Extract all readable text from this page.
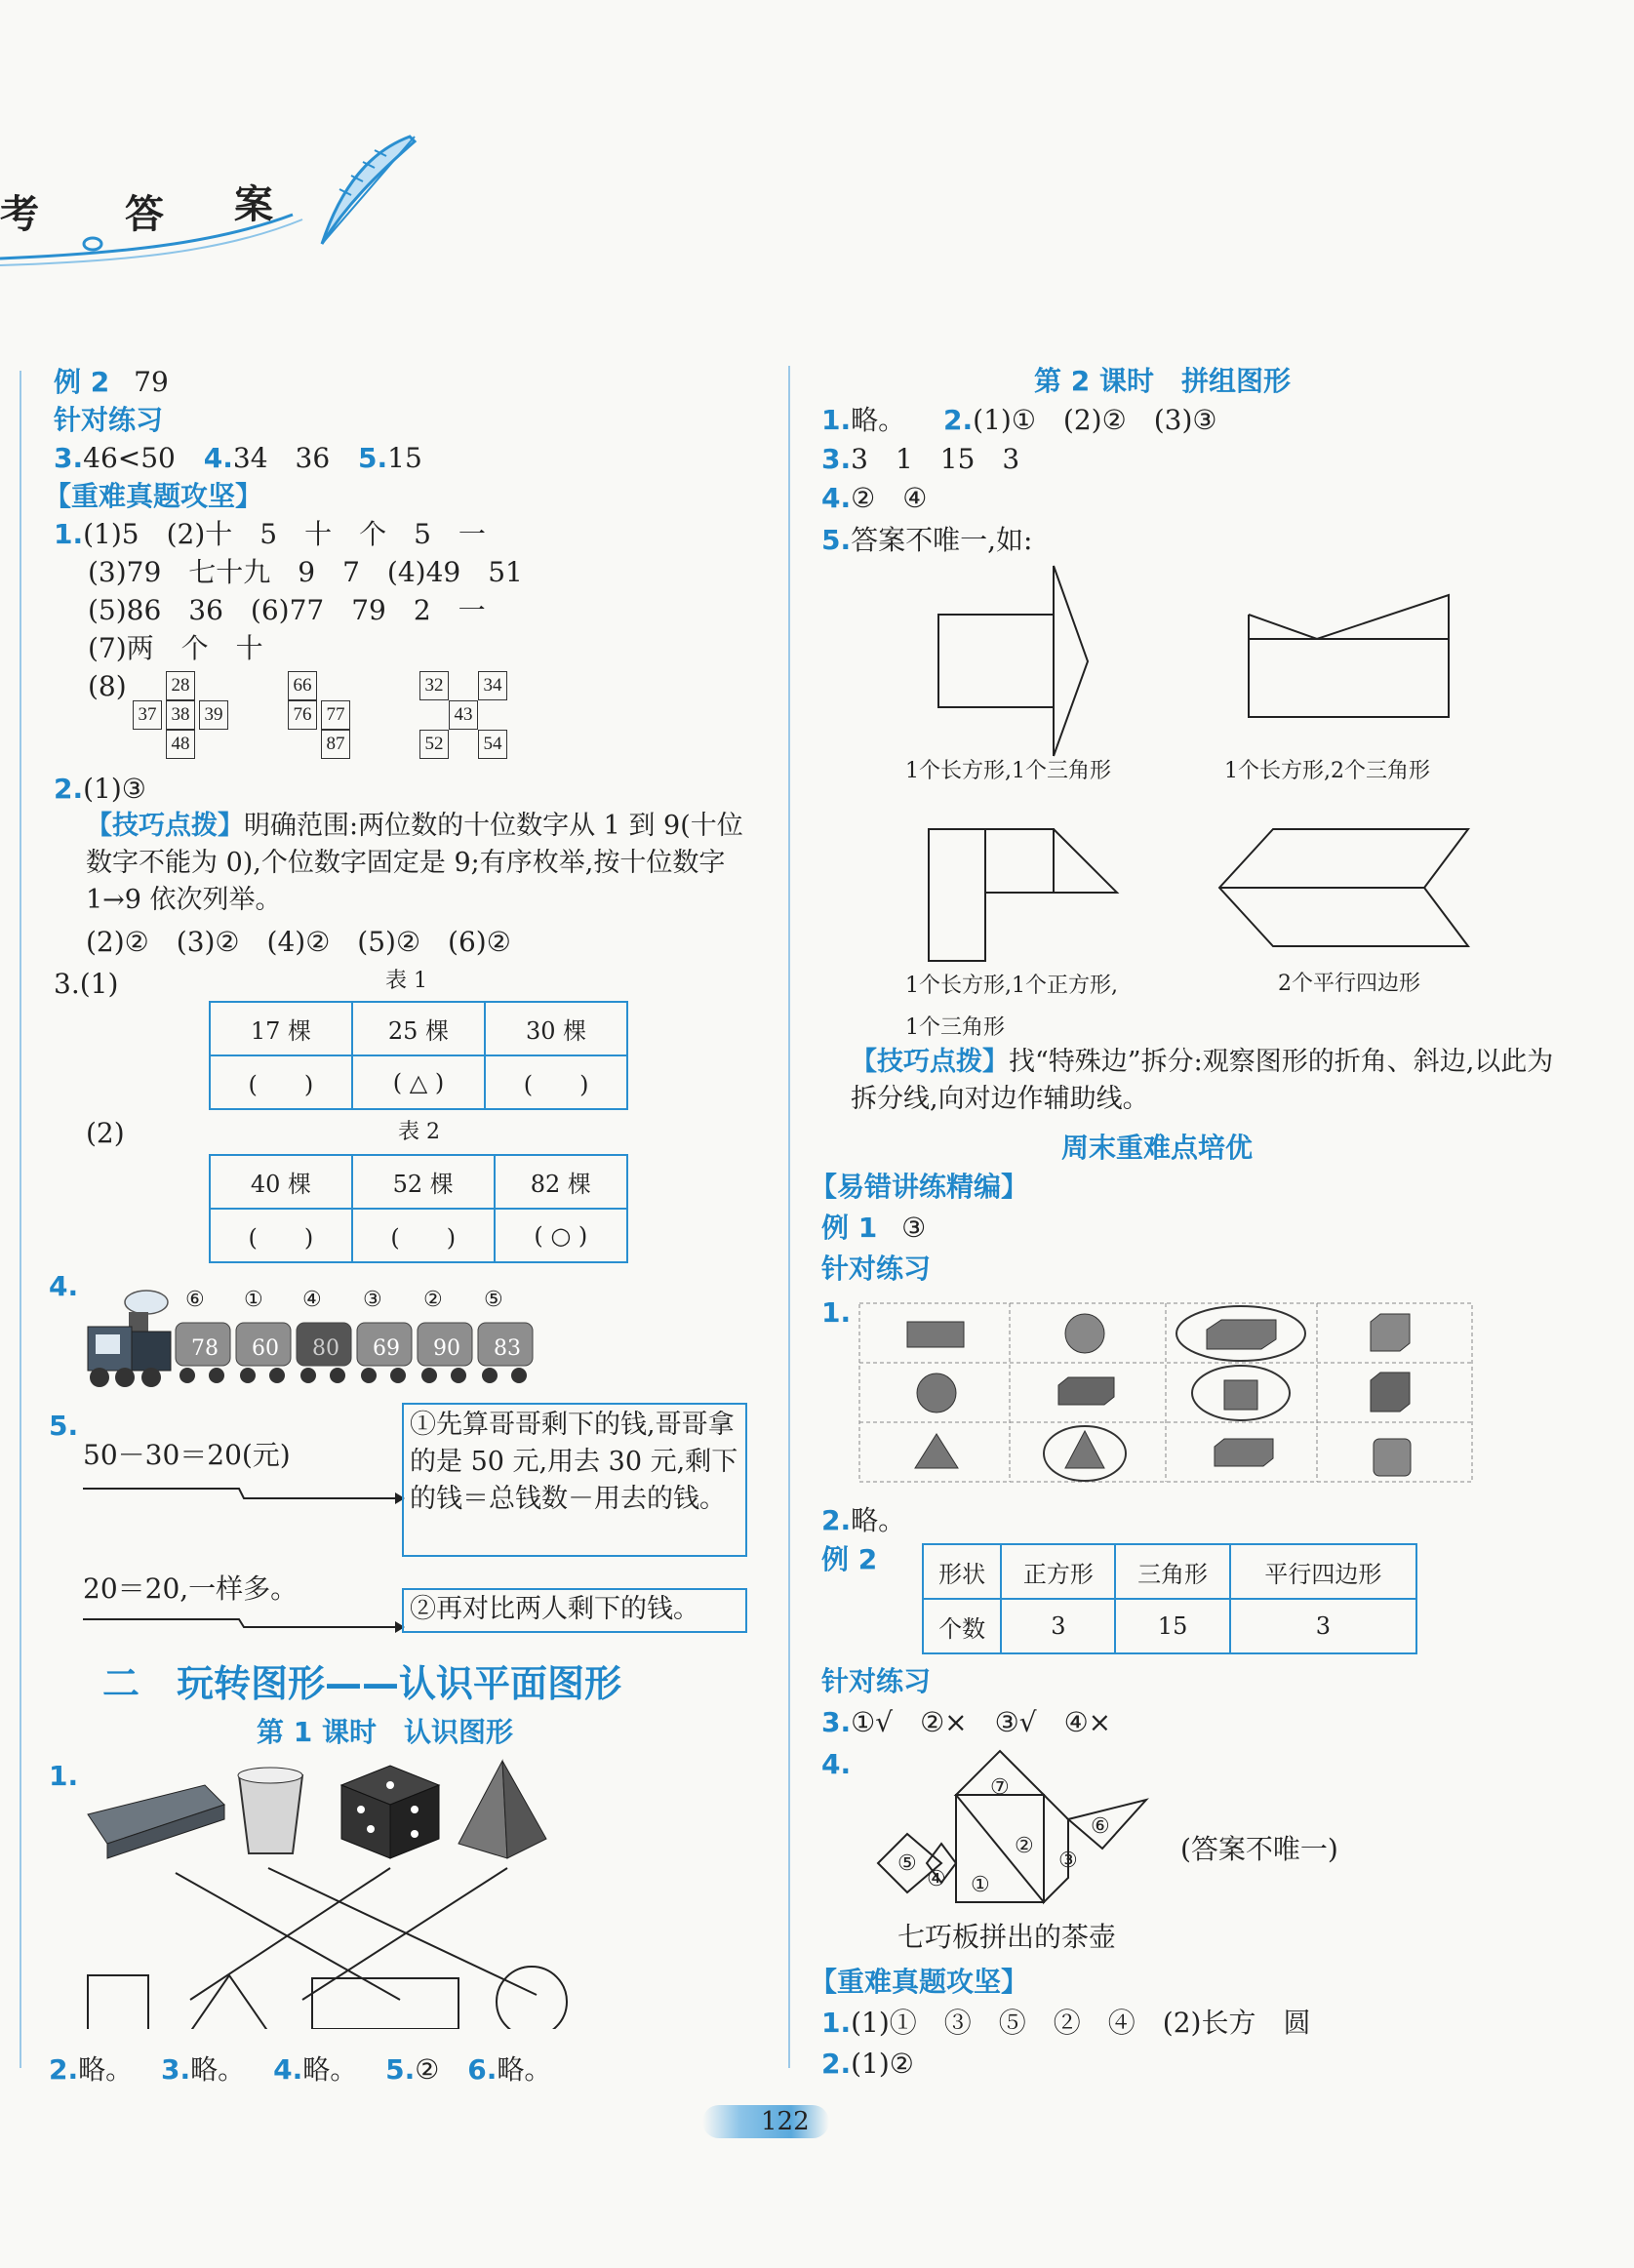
考 答 案
例 2 79
针对练习
3.46<50 4.34　36 5.15
【重难真题攻坚】
1.(1)5　(2)十　5　十　个　5　一
(3)79　七十九　9　7　(4)49　51
(5)86　36　(6)77　79　2　一
(7)两　个　十
(8) 28
37 38 39
48
66
76 77
87
32 34
43
52 54
2.(1)③
【技巧点拨】明确范围:两位数的十位数字从 1 到 9(十位数字不能为 0),个位数字固定是 9;有序枚举,按十位数字 1→9 依次列举。
(2)②　(3)②　(4)②　(5)②　(6)②
3.(1)	表 1
17 棵	25 棵	30 棵
(　　)	( △ )	(　　)
(2)	表 2
40 棵	52 棵	82 棵
(　　)	(　　)	( ○ )
4.	⑥ ① ④ ③ ② ⑤
78 60 80 69 90 83
5.
50－30＝20(元)
①先算哥哥剩下的钱,哥哥拿的是 50 元,用去 30 元,剩下的钱＝总钱数－用去的钱。
20＝20,一样多。
②再对比两人剩下的钱。
二　玩转图形——认识平面图形
第 1 课时　认识图形
1.
2.略。 3.略。 4.略。 5.② 6.略。
第 2 课时　拼组图形
1.略。 2.(1)①　(2)②　(3)③
3.3　1　15　3
4.②　④
5.答案不唯一,如:
1个长方形,1个三角形	1个长方形,2个三角形
1个长方形,1个正方形,
1个三角形
2个平行四边形
【技巧点拨】找“特殊边”拆分:观察图形的折角、斜边,以此为拆分线,向对边作辅助线。
周末重难点培优
【易错讲练精编】
例 1 ③
针对练习
1.
2.略。
例 2	形状	正方形	三角形	平行四边形
个数	3	15	3
针对练习
3.①√　②×　③√　④×
4.
⑤
④ ①
②
③
⑥
⑦
(答案不唯一)
七巧板拼出的茶壶
【重难真题攻坚】
1.(1)①　③　⑤　②　④　(2)长方　圆
2.(1)②
122
